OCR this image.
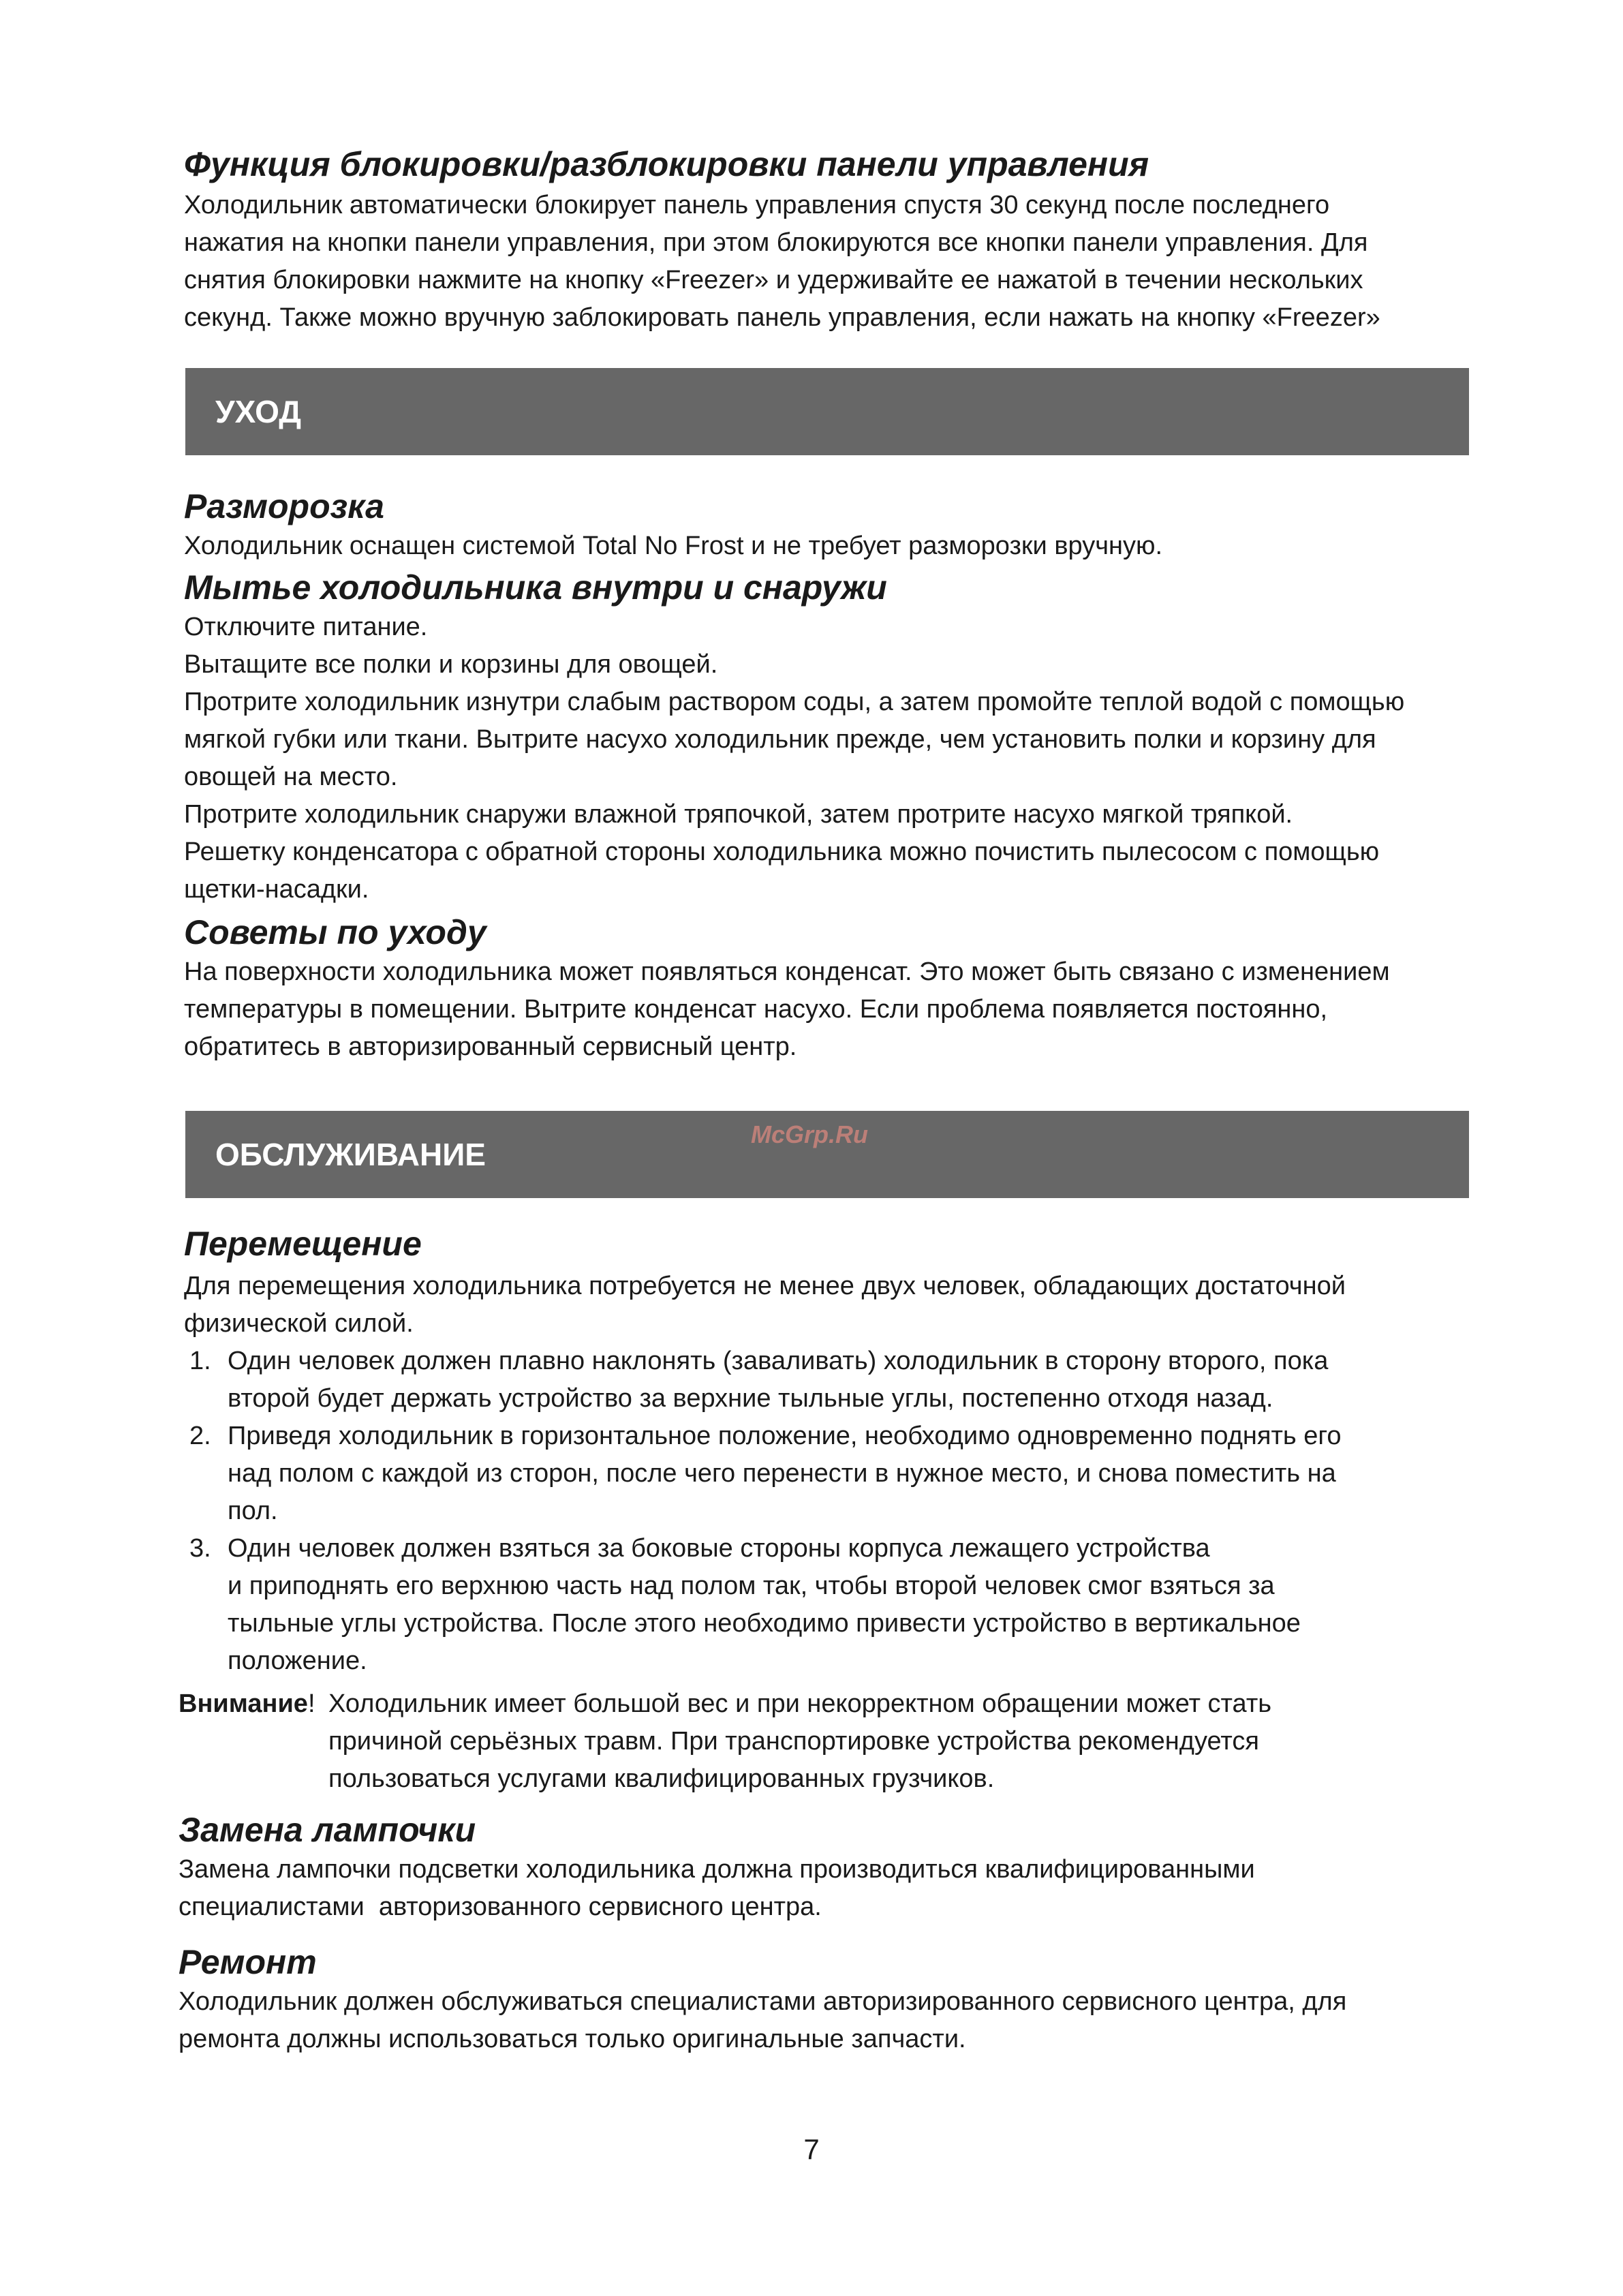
Функция блокировки/разблокировки панели управления

Холодильник автоматически блокирует панель управления спустя 30 секунд после последнего

нажатия на кнопки панели управления, при этом блокируются все кнопки панели управления. Для

снятия блокировки нажмите на кнопку «Freezer» и удерживайте ее нажатой в течении нескольких

секунд. Также можно вручную заблокировать панель управления, если нажать на кнопку «Freezer»

УХОД
Разморозка

Холодильник оснащен системой Total No Frost и не требует разморозки вручную.

Мытье холодильника внутри и снаружи

Отключите питание.

Вытащите все полки и корзины для овощей.

Протрите холодильник изнутри слабым раствором соды, а затем промойте теплой водой с помощью

мягкой губки или ткани. Вытрите насухо холодильник прежде, чем установить полки и корзину для

овощей на место.

Протрите холодильник снаружи влажной тряпочкой, затем протрите насухо мягкой тряпкой.

Решетку конденсатора с обратной стороны холодильника можно почистить пылесосом с помощью

щетки-насадки.

Советы по уходу

На поверхности холодильника может появляться конденсат. Это может быть связано с изменением

температуры в помещении. Вытрите конденсат насухо. Если проблема появляется постоянно,

обратитесь в авторизированный сервисный центр.

ОБСЛУЖИВАНИЕ
McGrp.Ru
Перемещение

Для перемещения холодильника потребуется не менее двух человек, обладающих достаточной

физической силой.

1. Один человек должен плавно наклонять (заваливать) холодильник в сторону второго, пока
второй будет держать устройство за верхние тыльные углы, постепенно отходя назад.
2. Приведя холодильник в горизонтальное положение, необходимо одновременно поднять его
над полом с каждой из сторон, после чего перенести в нужное место, и снова поместить на
пол.
3. Один человек должен взяться за боковые стороны корпуса лежащего устройства
и приподнять его верхнюю часть над полом так, чтобы второй человек смог взяться за
тыльные углы устройства. После этого необходимо привести устройство в вертикальное
положение.
Внимание! Холодильник имеет большой вес и при некорректном обращении может стать
причиной серьёзных травм. При транспортировке устройства рекомендуется
пользоваться услугами квалифицированных грузчиков.
Замена лампочки

Замена лампочки подсветки холодильника должна производиться квалифицированными

специалистами  авторизованного сервисного центра.

Ремонт

Холодильник должен обслуживаться специалистами авторизированного сервисного центра, для

ремонта должны использоваться только оригинальные запчасти.

7
